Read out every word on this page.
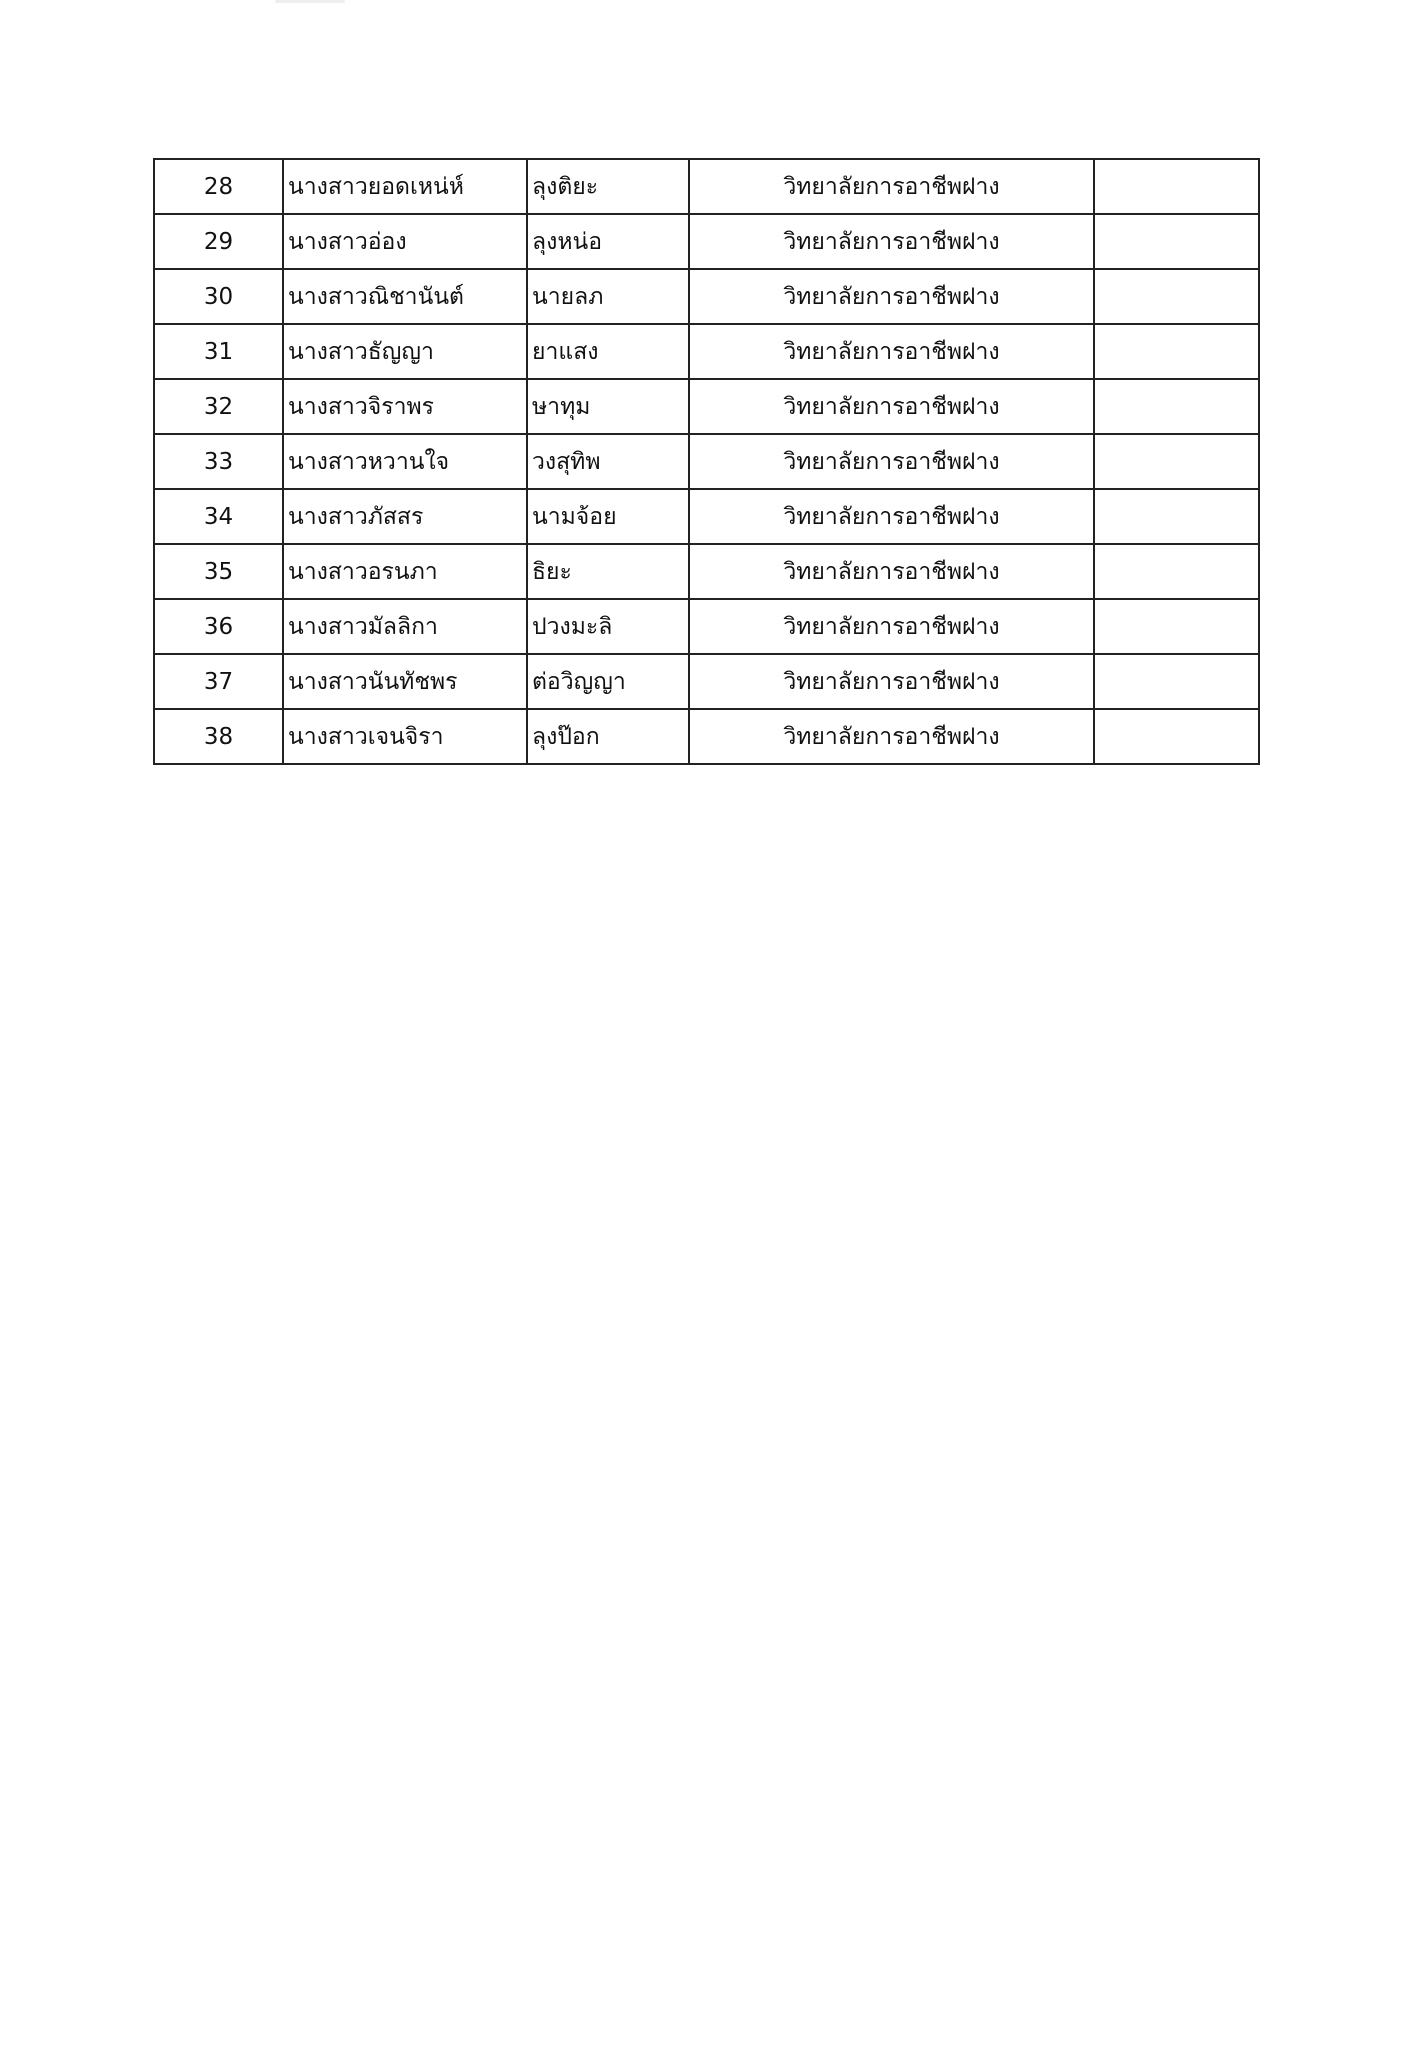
28	นางสาวยอดเหน่ห์	ลุงติยะ	วิทยาลัยการอาชีพฝาง	
29	นางสาวอ่อง	ลุงหน่อ	วิทยาลัยการอาชีพฝาง	
30	นางสาวณิชานันต์	นายลภ	วิทยาลัยการอาชีพฝาง	
31	นางสาวธัญญา	ยาแสง	วิทยาลัยการอาชีพฝาง	
32	นางสาวจิราพร	ษาทุม	วิทยาลัยการอาชีพฝาง	
33	นางสาวหวานใจ	วงสุทิพ	วิทยาลัยการอาชีพฝาง	
34	นางสาวภัสสร	นามจ้อย	วิทยาลัยการอาชีพฝาง	
35	นางสาวอรนภา	ธิยะ	วิทยาลัยการอาชีพฝาง	
36	นางสาวมัลลิกา	ปวงมะลิ	วิทยาลัยการอาชีพฝาง	
37	นางสาวนันทัชพร	ต่อวิญญา	วิทยาลัยการอาชีพฝาง	
38	นางสาวเจนจิรา	ลุงป๊อก	วิทยาลัยการอาชีพฝาง	
